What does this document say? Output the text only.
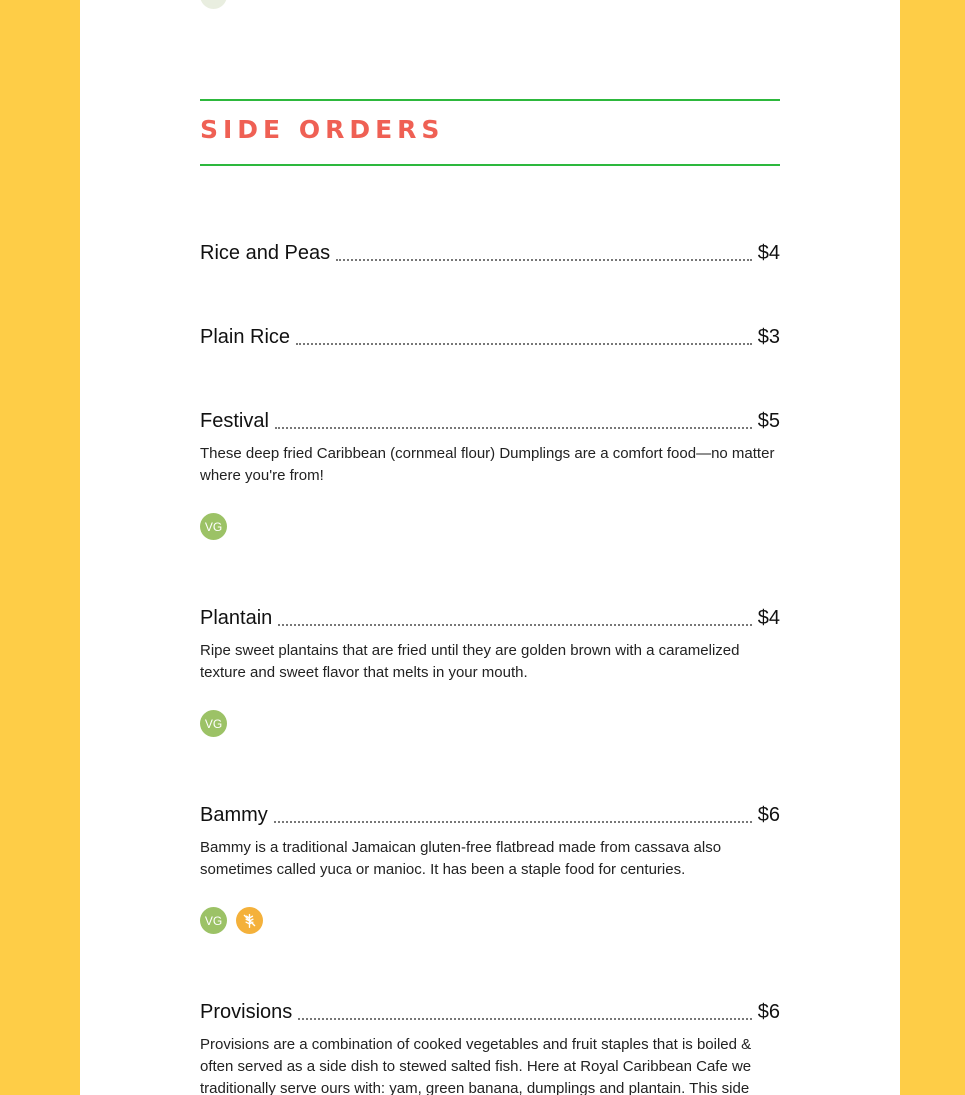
SIDE ORDERS
Rice and Peas	$4
Plain Rice	$3
Festival	$5
These deep fried Caribbean (cornmeal flour) Dumplings are a comfort food—no matter where you're from!
VG
Plantain	$4
Ripe sweet plantains that are fried until they are golden brown with a caramelized texture and sweet flavor that melts in your mouth.
VG
Bammy	$6
Bammy is a traditional Jamaican gluten-free flatbread made from cassava also sometimes called yuca or manioc. It has been a staple food for centuries.
VG
Provisions	$6
Provisions are a combination of cooked vegetables and fruit staples that is boiled & often served as a side dish to stewed salted fish. Here at Royal Caribbean Cafe we traditionally serve ours with: yam, green banana, dumplings and plantain. This side
